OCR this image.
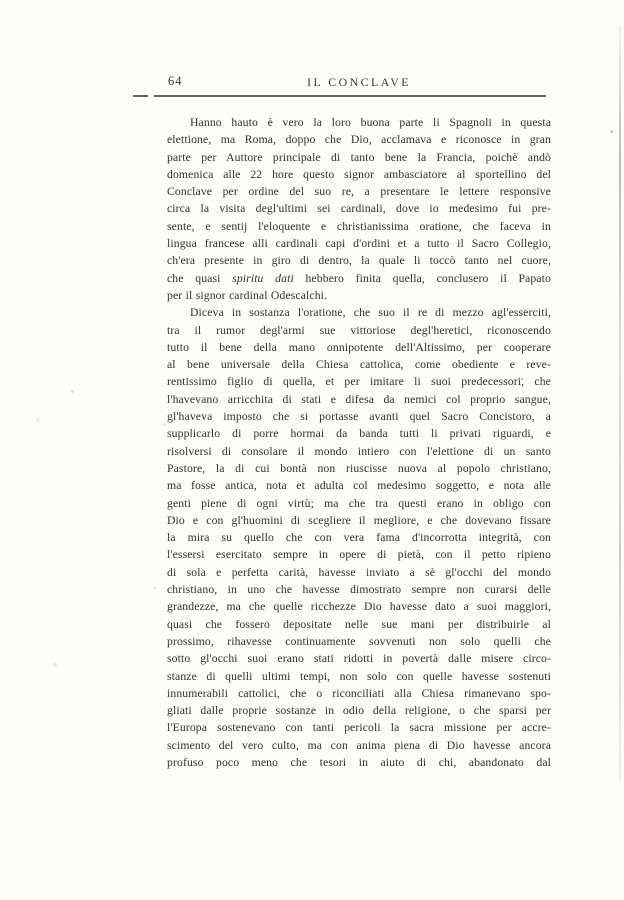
64	IL CONCLAVE
Hanno hauto è vero la loro buona parte li Spagnoli in questa
elettione, ma Roma, doppo che Dio, acclamava e riconosce in gran
parte per Auttore principale di tanto bene la Francia, poichè andò
domenica alle 22 hore questo signor ambasciatore al sportellino del
Conclave per ordine del suo re, a presentare le lettere responsive
circa la visita degl'ultimi sei cardinali, dove io medesimo fui pre-
sente, e sentij l'eloquente e christianissima oratione, che faceva in
lingua francese alli cardinali capi d'ordini et a tutto il Sacro Collegio,
ch'era presente in giro di dentro, la quale li toccò tanto nel cuore,
che quasi spiritu dati hebbero finita quella, conclusero il Papato
per il signor cardinal Odescalchi.
Diceva in sostanza l'oratione, che suo il re di mezzo agl'esserciti,
tra il rumor degl'armi sue vittoriose degl'heretici, riconoscendo
tutto il bene della mano onnipotente dell'Altissimo, per cooperare
al bene universale della Chiesa cattolica, come obediente e reve-
rentissimo figlio di quella, et per imitare li suoi predecessori, che
l'havevano arricchita di stati e difesa da nemici col proprio sangue,
gl'haveva imposto che si portasse avanti quel Sacro Concistoro, a
supplicarlo di porre hormai da banda tutti li privati riguardi, e
risolversi di consolare il mondo intiero con l'elettione di un santo
Pastore, la di cui bontà non riuscisse nuova al popolo christiano,
ma fosse antica, nota et adulta col medesimo soggetto, e nota alle
genti piene di ogni virtù; ma che tra questi erano in obligo con
Dio e con gl'huomini di scegliere il megliore, e che dovevano fissare
la mira su quello che con vera fama d'incorrotta integrità, con
l'essersi esercitato sempre in opere di pietà, con il petto ripieno
di sola e perfetta carità, havesse inviato a sè gl'occhi del mondo
christiano, in uno che havesse dimostrato sempre non curarsi delle
grandezze, ma che quelle ricchezze Dio havesse dato a suoi maggiori,
quasi che fossero depositate nelle sue mani per distribuirle al
prossimo, rihavesse continuamente sovvenuti non solo quelli che
sotto gl'occhi suoi erano stati ridotti in povertà dalle misere circo-
stanze di quelli ultimi tempi, non solo con quelle havesse sostenuti
innumerabili cattolici, che o riconciliati alla Chiesa rimanevano spo-
gliati dalle proprie sostanze in odio della religione, o che sparsi per
l'Europa sostenevano con tanti pericoli la sacra missione per accre-
scimento del vero culto, ma con anima piena di Dio havesse ancora
profuso poco meno che tesori in aiuto di chi, abandonato dal
